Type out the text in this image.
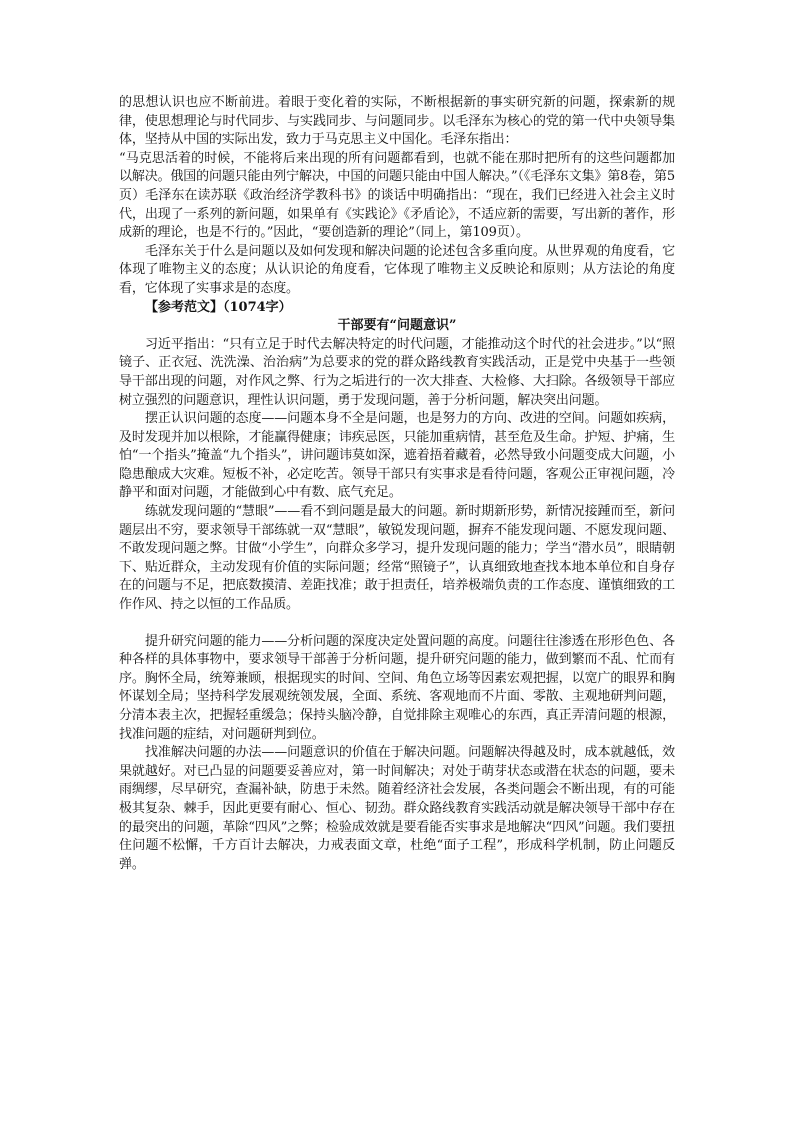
的思想认识也应不断前进。着眼于变化着的实际，不断根据新的事实研究新的问题，探索新的规律，使思想理论与时代同步、与实践同步、与问题同步。以毛泽东为核心的党的第一代中央领导集体，坚持从中国的实际出发，致力于马克思主义中国化。毛泽东指出：

“马克思活着的时候，不能将后来出现的所有问题都看到，也就不能在那时把所有的这些问题都加以解决。俄国的问题只能由列宁解决，中国的问题只能由中国人解决。”（《毛泽东文集》第8卷，第5页）毛泽东在读苏联《政治经济学教科书》的谈话中明确指出：“现在，我们已经进入社会主义时代，出现了一系列的新问题，如果单有《实践论》《矛盾论》，不适应新的需要，写出新的著作，形成新的理论，也是不行的。”因此，“要创造新的理论”（同上，第109页）。

毛泽东关于什么是问题以及如何发现和解决问题的论述包含多重向度。从世界观的角度看，它体现了唯物主义的态度；从认识论的角度看，它体现了唯物主义反映论和原则；从方法论的角度看，它体现了实事求是的态度。

【参考范文】（1074字）

干部要有“问题意识”

习近平指出：“只有立足于时代去解决特定的时代问题，才能推动这个时代的社会进步。”以“照镜子、正衣冠、洗洗澡、治治病”为总要求的党的群众路线教育实践活动，正是党中央基于一些领导干部出现的问题，对作风之弊、行为之垢进行的一次大排查、大检修、大扫除。各级领导干部应树立强烈的问题意识，理性认识问题，勇于发现问题，善于分析问题，解决突出问题。

摆正认识问题的态度——问题本身不全是问题，也是努力的方向、改进的空间。问题如疾病，及时发现并加以根除，才能赢得健康；讳疾忌医，只能加重病情，甚至危及生命。护短、护痛，生怕“一个指头”掩盖“九个指头”，讲问题讳莫如深，遮着捂着藏着，必然导致小问题变成大问题，小隐患酿成大灾难。短板不补，必定吃苦。领导干部只有实事求是看待问题，客观公正审视问题，冷静平和面对问题，才能做到心中有数、底气充足。

练就发现问题的“慧眼”——看不到问题是最大的问题。新时期新形势，新情况接踵而至，新问题层出不穷，要求领导干部练就一双“慧眼”，敏锐发现问题，摒弃不能发现问题、不愿发现问题、不敢发现问题之弊。甘做“小学生”，向群众多学习，提升发现问题的能力；学当“潜水员”，眼睛朝下、贴近群众，主动发现有价值的实际问题；经常“照镜子”，认真细致地查找本地本单位和自身存在的问题与不足，把底数摸清、差距找准；敢于担责任，培养极端负责的工作态度、谨慎细致的工作作风、持之以恒的工作品质。

提升研究问题的能力——分析问题的深度决定处置问题的高度。问题往往渗透在形形色色、各种各样的具体事物中，要求领导干部善于分析问题，提升研究问题的能力，做到繁而不乱、忙而有序。胸怀全局，统筹兼顾，根据现实的时间、空间、角色立场等因素宏观把握，以宽广的眼界和胸怀谋划全局；坚持科学发展观统领发展，全面、系统、客观地而不片面、零散、主观地研判问题，分清本表主次，把握轻重缓急；保持头脑冷静，自觉排除主观唯心的东西，真正弄清问题的根源，找准问题的症结，对问题研判到位。

找准解决问题的办法——问题意识的价值在于解决问题。问题解决得越及时，成本就越低，效果就越好。对已凸显的问题要妥善应对，第一时间解决；对处于萌芽状态或潜在状态的问题，要未雨绸缪，尽早研究，查漏补缺，防患于未然。随着经济社会发展，各类问题会不断出现，有的可能极其复杂、棘手，因此更要有耐心、恒心、韧劲。群众路线教育实践活动就是解决领导干部中存在的最突出的问题，革除“四风”之弊；检验成效就是要看能否实事求是地解决“四风”问题。我们要扭住问题不松懈，千方百计去解决，力戒表面文章，杜绝“面子工程”，形成科学机制，防止问题反弹。
